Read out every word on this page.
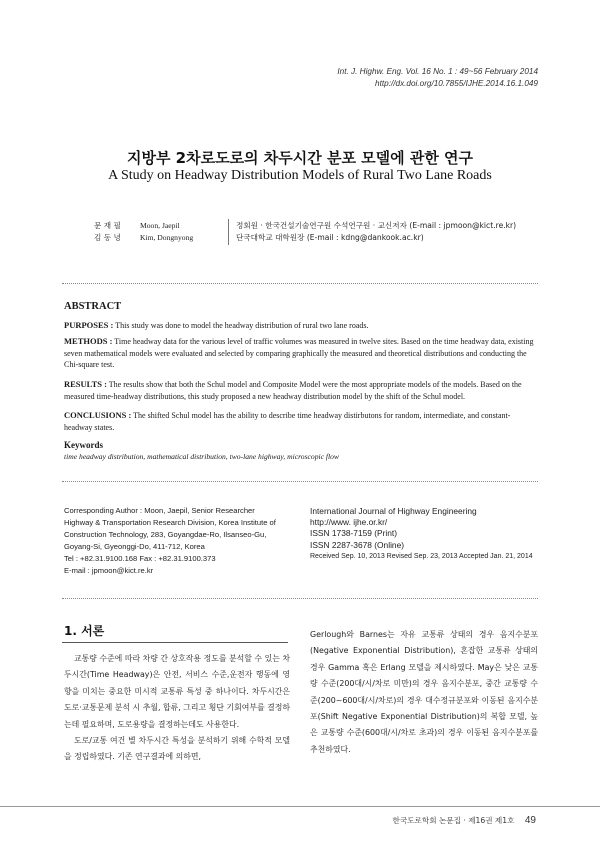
Int. J. Highw. Eng. Vol. 16 No. 1 : 49~56 February 2014
http://dx.doi.org/10.7855/IJHE.2014.16.1.049
지방부 2차로도로의 차두시간 분포 모델에 관한 연구
A Study on Headway Distribution Models of Rural Two Lane Roads
문 재 필
김 동 녕
Moon, Jaepil
Kim, Dongnyong
정회원 · 한국건설기술연구원 수석연구원 · 교신저자 (E-mail : jpmoon@kict.re.kr)
단국대학교 대학원장 (E-mail : kdng@dankook.ac.kr)
ABSTRACT
PURPOSES : This study was done to model the headway distribution of rural two lane roads.
METHODS : Time headway data for the various level of traffic volumes was measured in twelve sites. Based on the time headway data, existing seven mathematical models were evaluated and selected by comparing graphically the measured and theoretical distributions and conducting the Chi-square test.
RESULTS : The results show that both the Schul model and Composite Model were the most appropriate models of the models. Based on the measured time-headway distributions, this study proposed a new headway distribution model by the shift of the Schul model.
CONCLUSIONS : The shifted Schul model has the ability to describe time headway distirbutons for random, intermediate, and constant-headway states.
Keywords
time headway distribution, mathematical distribution, two-lane highway, microscopic flow
Corresponding Author : Moon, Jaepil, Senior Researcher
Highway & Transportation Research Division, Korea Institute of
Construction Technology, 283, Goyangdae-Ro, Ilsanseo-Gu,
Goyang-Si, Gyeonggi-Do, 411-712, Korea
Tel : +82.31.9100.168 Fax : +82.31.9100.373
E-mail : jpmoon@kict.re.kr
International Journal of Highway Engineering
http://www. ijhe.or.kr/
ISSN 1738-7159 (Print)
ISSN 2287-3678 (Online)
Received Sep. 10, 2013 Revised Sep. 23, 2013 Accepted Jan. 21, 2014
1. 서론

교통량 수준에 따라 차량 간 상호작용 정도를 분석할 수 있는 차두시간(Time Headway)은 안전, 서비스 수준,운전자 행동에 영향을 미치는 중요한 미시적 교통류 특성 중 하나이다. 차두시간은 도로·교통문제 분석 시 추월, 합류, 그리고 횡단 기회여부를 결정하는데 필요하며, 도로용량을 결정하는데도 사용한다.

도로/교통 여건 별 차두시간 특성을 분석하기 위해 수학적 모델을 정립하였다. 기존 연구결과에 의하면,

Gerlough와 Barnes는 자유 교통류 상태의 경우 음지수분포(Negative Exponential Distribution), 혼잡한 교통류 상태의 경우 Gamma 혹은 Erlang 모델을 제시하였다. May은 낮은 교통량 수준(200대/시/차로 미만)의 경우 음지수분포, 중간 교통량 수준(200~600대/시/차로)의 경우 대수정규분포와 이동된 음지수분포(Shift Negative Exponential Distribution)의 복합 모델, 높은 교통량 수준(600대/시/차로 초과)의 경우 이동된 음지수분포를 추천하였다.

한국도로학회 논문집 · 제16권 제1호 49
